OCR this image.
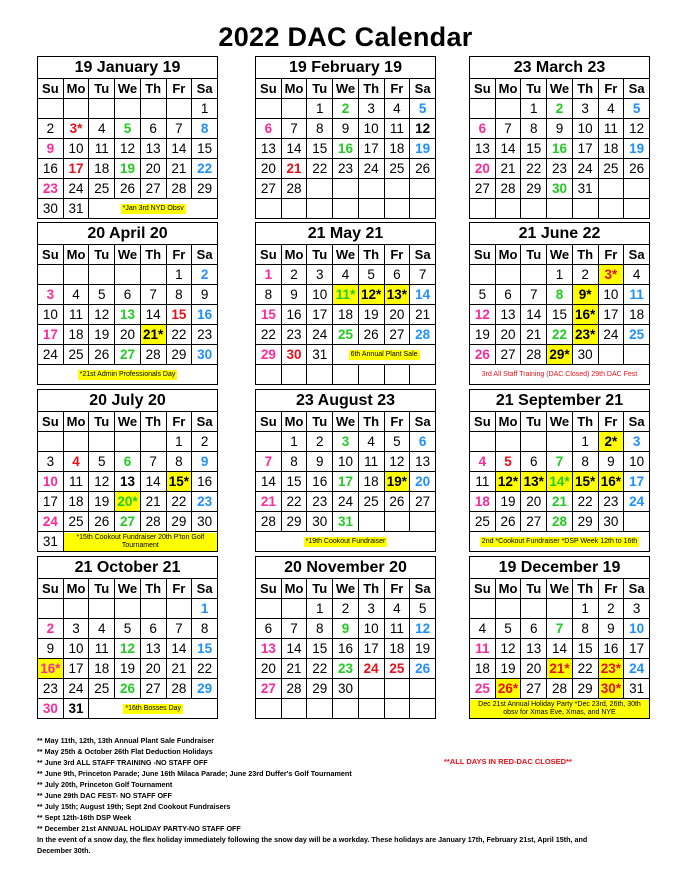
2022 DAC Calendar
19 January 19
Su	Mo	Tu	We	Th	Fr	Sa
						1
2	3*	4	5	6	7	8
9	10	11	12	13	14	15
16	17	18	19	20	21	22
23	24	25	26	27	28	29
30	31	*Jan 3rd NYD Obsv				
19 February 19
Su	Mo	Tu	We	Th	Fr	Sa
		1	2	3	4	5
6	7	8	9	10	11	12
13	14	15	16	17	18	19
20	21	22	23	24	25	26
27	28					

23 March 23
Su	Mo	Tu	We	Th	Fr	Sa
		1	2	3	4	5
6	7	8	9	10	11	12
13	14	15	16	17	18	19
20	21	22	23	24	25	26
27	28	29	30	31		

20 April 20
Su	Mo	Tu	We	Th	Fr	Sa
					1	2
3	4	5	6	7	8	9
10	11	12	13	14	15	16
17	18	19	20	21*	22	23
24	25	26	27	28	29	30
*21st Admin Professionals Day						
21 May 21
Su	Mo	Tu	We	Th	Fr	Sa
1	2	3	4	5	6	7
8	9	10	11*	12*	13*	14
15	16	17	18	19	20	21
22	23	24	25	26	27	28
29	30	31	6th Annual Plant Sale			

21 June 22
Su	Mo	Tu	We	Th	Fr	Sa
			1	2	3*	4
5	6	7	8	9*	10	11
12	13	14	15	16*	17	18
19	20	21	22	23*	24	25
26	27	28	29*	30		
3rd All Staff Training (DAC Closed) 29th DAC Fest						
20 July 20
Su	Mo	Tu	We	Th	Fr	Sa
					1	2
3	4	5	6	7	8	9
10	11	12	13	14	15*	16
17	18	19	20*	21	22	23
24	25	26	27	28	29	30
31	*15th Cookout Fundraiser 20th P'ton Golf Tournament					
23 August 23
Su	Mo	Tu	We	Th	Fr	Sa
	1	2	3	4	5	6
7	8	9	10	11	12	13
14	15	16	17	18	19*	20
21	22	23	24	25	26	27
28	29	30	31			
*19th Cookout Fundraiser						
21 September 21
Su	Mo	Tu	We	Th	Fr	Sa
				1	2*	3
4	5	6	7	8	9	10
11	12*	13*	14*	15*	16*	17
18	19	20	21	22	23	24
25	26	27	28	29	30	
2nd *Cookout Fundraiser *DSP Week 12th to 16th						
21 October 21
Su	Mo	Tu	We	Th	Fr	Sa
						1
2	3	4	5	6	7	8
9	10	11	12	13	14	15
16*	17	18	19	20	21	22
23	24	25	26	27	28	29
30	31	*16th Bosses Day				
20 November 20
Su	Mo	Tu	We	Th	Fr	Sa
		1	2	3	4	5
6	7	8	9	10	11	12
13	14	15	16	17	18	19
20	21	22	23	24	25	26
27	28	29	30			

19 December 19
Su	Mo	Tu	We	Th	Fr	Sa
				1	2	3
4	5	6	7	8	9	10
11	12	13	14	15	16	17
18	19	20	21*	22	23*	24
25	26*	27	28	29	30*	31
Dec 21st Annual Holiday Party *Dec 23rd, 26th, 30th obsv for Xmas Eve, Xmas, and NYE						
**ALL DAYS IN RED-DAC CLOSED**
** May 11th, 12th, 13th Annual Plant Sale Fundraiser
** May 25th & October 26th Flat Deduction Holidays
** June 3rd ALL STAFF TRAINING -NO STAFF OFF
** June 9th, Princeton Parade; June 16th Milaca Parade; June 23rd Duffer's Golf Tournament
** July 20th, Princeton Golf Tournament
** June 29th DAC FEST- NO STAFF OFF
** July 15th; August 19th; Sept 2nd Cookout Fundraisers
** Sept 12th-16th DSP Week
** December 21st ANNUAL HOLIDAY PARTY-NO STAFF OFF
In the event of a snow day, the flex holiday immediately following the snow day will be a workday. These holidays are January 17th, February 21st, April 15th, and
December 30th.
